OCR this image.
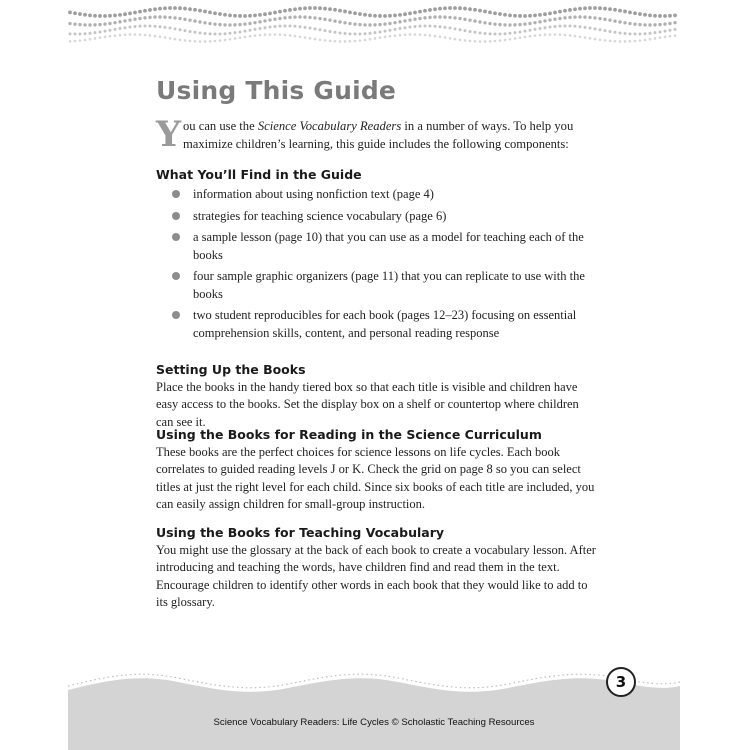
Using This Guide

You can use the Science Vocabulary Readers in a number of ways. To help you maximize children’s learning, this guide includes the following components:

What You’ll Find in the Guide
information about using nonfiction text (page 4)
strategies for teaching science vocabulary (page 6)
a sample lesson (page 10) that you can use as a model for teaching each of the books
four sample graphic organizers (page 11) that you can replicate to use with the books
two student reproducibles for each book (pages 12–23) focusing on essential comprehension skills, content, and personal reading response
Setting Up the Books

Place the books in the handy tiered box so that each title is visible and children have easy access to the books. Set the display box on a shelf or countertop where children can see it.

Using the Books for Reading in the Science Curriculum

These books are the perfect choices for science lessons on life cycles. Each book correlates to guided reading levels J or K. Check the grid on page 8 so you can select titles at just the right level for each child. Since six books of each title are included, you can easily assign children for small-group instruction.

Using the Books for Teaching Vocabulary

You might use the glossary at the back of each book to create a vocabulary lesson. After introducing and teaching the words, have children find and read them in the text. Encourage children to identify other words in each book that they would like to add to its glossary.

3
Science Vocabulary Readers: Life Cycles © Scholastic Teaching Resources
